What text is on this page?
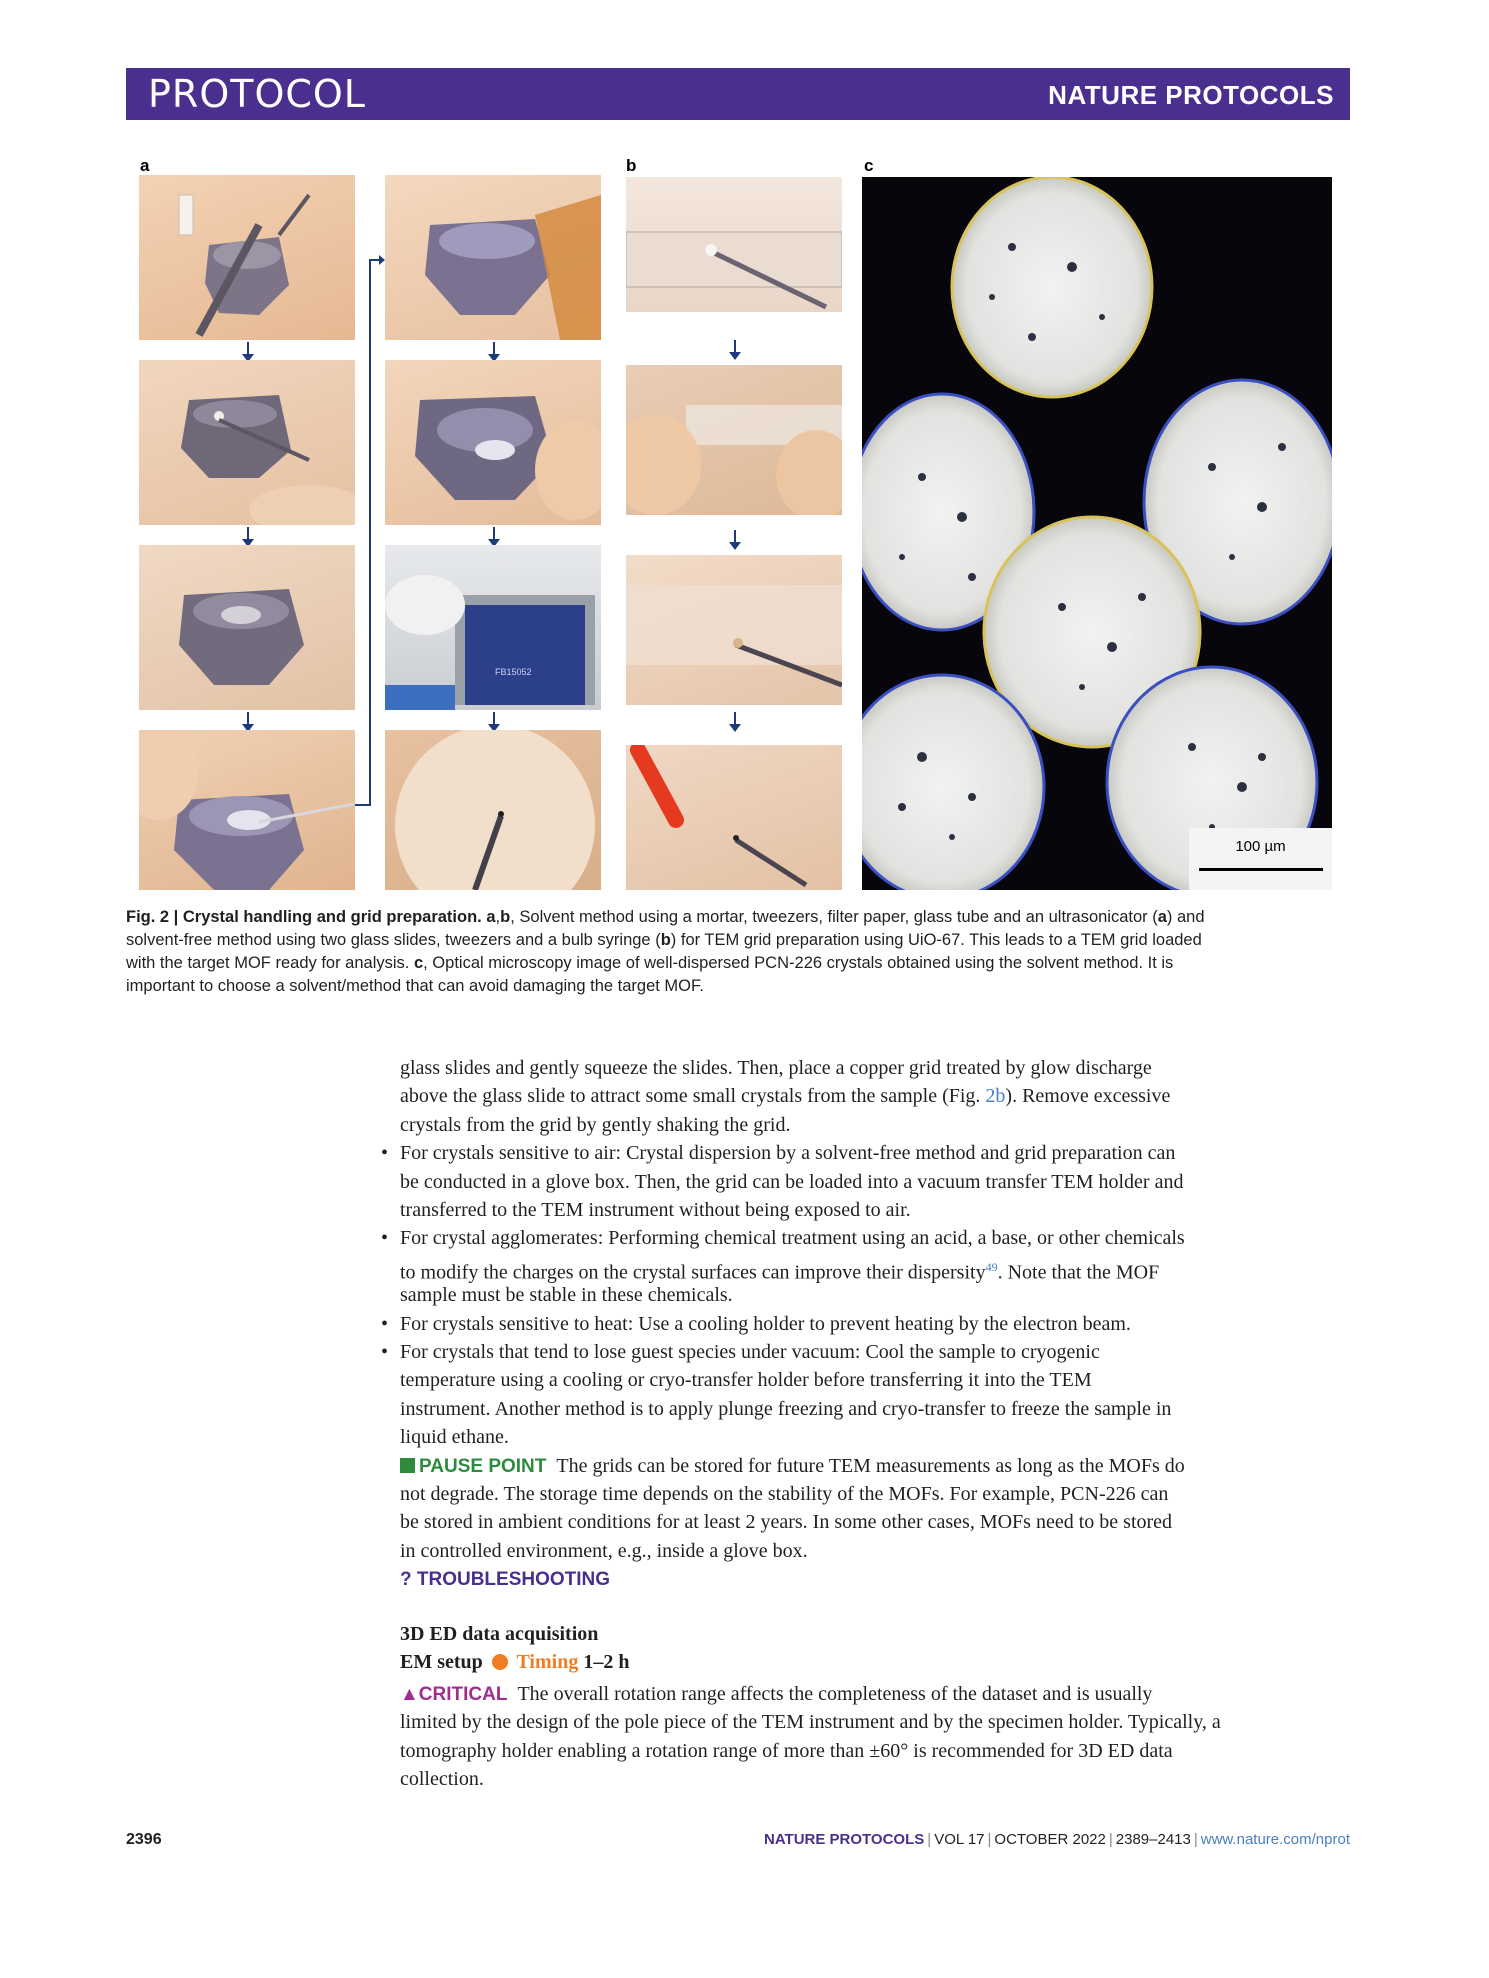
PROTOCOL	NATURE PROTOCOLS
a	b	c
FB15052
100 µm
Fig. 2 | Crystal handling and grid preparation. a,b, Solvent method using a mortar, tweezers, filter paper, glass tube and an ultrasonicator (a) and
solvent-free method using two glass slides, tweezers and a bulb syringe (b) for TEM grid preparation using UiO-67. This leads to a TEM grid loaded
with the target MOF ready for analysis. c, Optical microscopy image of well-dispersed PCN-226 crystals obtained using the solvent method. It is
important to choose a solvent/method that can avoid damaging the target MOF.
glass slides and gently squeeze the slides. Then, place a copper grid treated by glow discharge
above the glass slide to attract some small crystals from the sample (Fig. 2b). Remove excessive
crystals from the grid by gently shaking the grid.
• For crystals sensitive to air: Crystal dispersion by a solvent-free method and grid preparation can
be conducted in a glove box. Then, the grid can be loaded into a vacuum transfer TEM holder and
transferred to the TEM instrument without being exposed to air.
• For crystal agglomerates: Performing chemical treatment using an acid, a base, or other chemicals
to modify the charges on the crystal surfaces can improve their dispersity$^{49}$. Note that the MOF
sample must be stable in these chemicals.
• For crystals sensitive to heat: Use a cooling holder to prevent heating by the electron beam.
• For crystals that tend to lose guest species under vacuum: Cool the sample to cryogenic
temperature using a cooling or cryo-transfer holder before transferring it into the TEM
instrument. Another method is to apply plunge freezing and cryo-transfer to freeze the sample in
liquid ethane.
PAUSE POINT The grids can be stored for future TEM measurements as long as the MOFs do
not degrade. The storage time depends on the stability of the MOFs. For example, PCN-226 can
be stored in ambient conditions for at least 2 years. In some other cases, MOFs need to be stored
in controlled environment, e.g., inside a glove box.
? TROUBLESHOOTING
3D ED data acquisition
EM setup Timing 1–2 h
▲CRITICAL The overall rotation range affects the completeness of the dataset and is usually
limited by the design of the pole piece of the TEM instrument and by the specimen holder. Typically, a
tomography holder enabling a rotation range of more than ±60° is recommended for 3D ED data
collection.
2396	NATURE PROTOCOLS | VOL 17 | OCTOBER 2022 | 2389–2413 | www.nature.com/nprot
